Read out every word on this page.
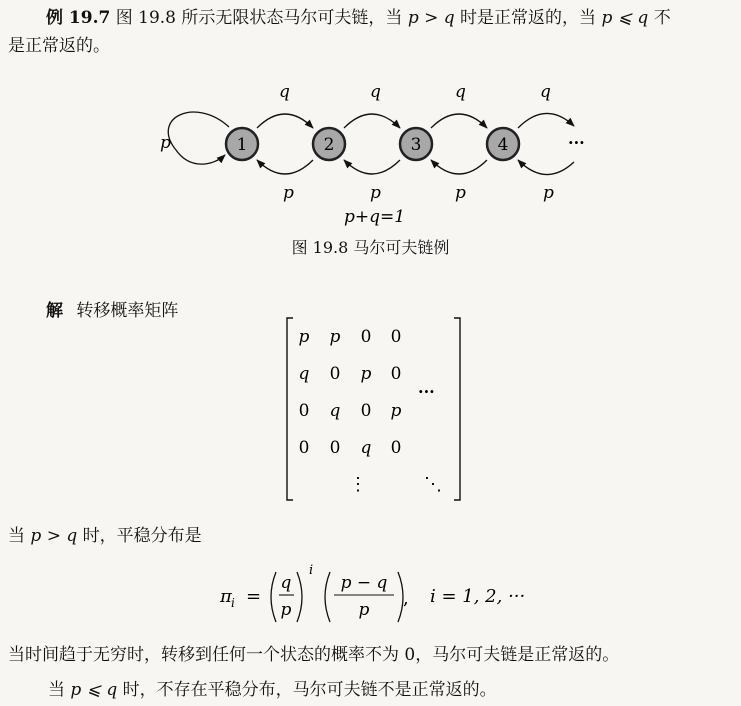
例 19.7 图 19.8 所示无限状态马尔可夫链，当 p > q 时是正常返的，当 p ⩽ q 不
是正常返的。
p
q	q	q	q
p	p	p	p
1	2	3	4	···
p+q=1
p p 0 0
q 0 p 0
0 q 0 p
0 0 q 0
···
⋮	⋱
π i =
q
p
i
p − q
p
, i = 1, 2, ···
图 19.8 马尔可夫链例
解 转移概率矩阵
当 p > q 时，平稳分布是
当时间趋于无穷时，转移到任何一个状态的概率不为 0，马尔可夫链是正常返的。
当 p ⩽ q 时，不存在平稳分布，马尔可夫链不是正常返的。
